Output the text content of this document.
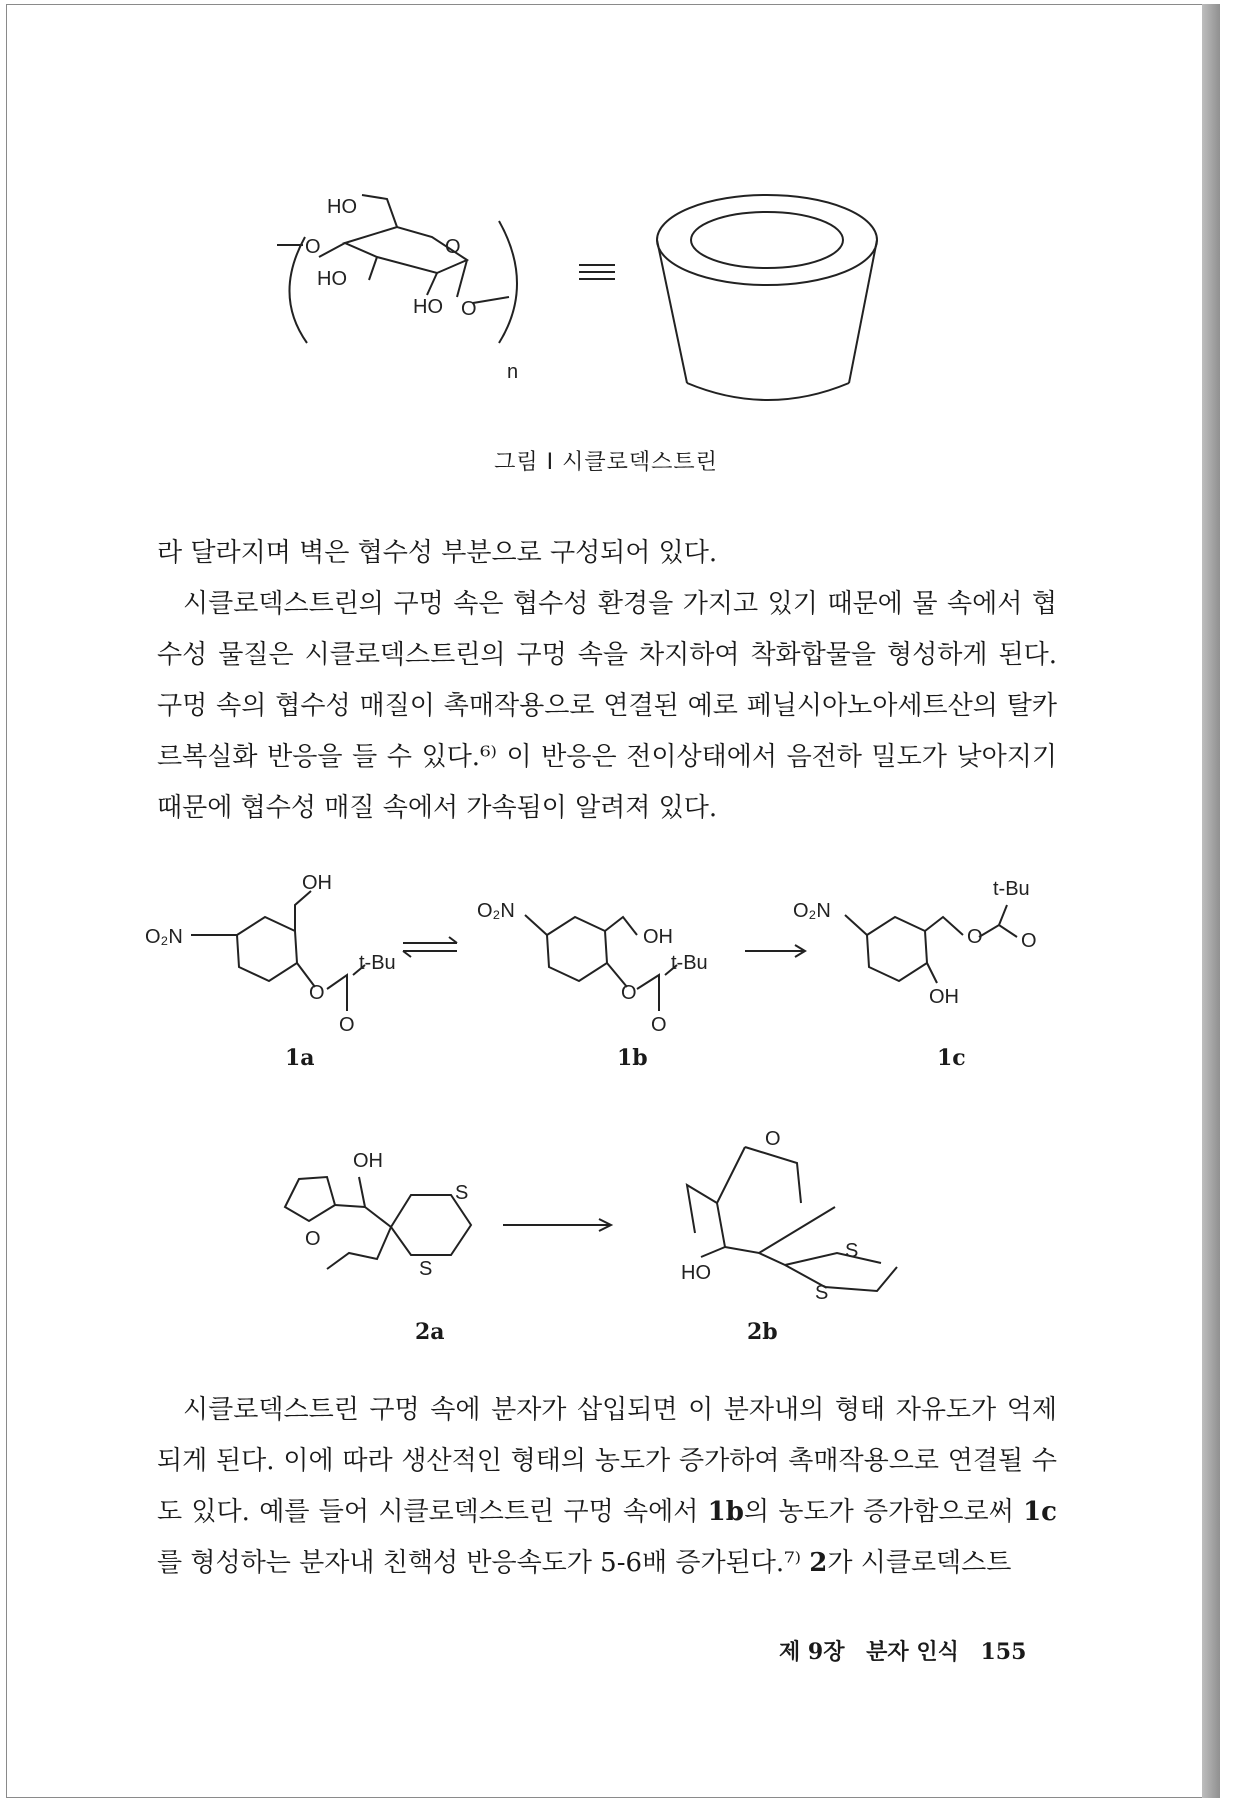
HO
O
O
HO
HO O
n
그림 Ⅰ 시클로덱스트린

라 달라지며 벽은 협수성 부분으로 구성되어 있다.

시클로덱스트린의 구멍 속은 협수성 환경을 가지고 있기 때문에 물 속에서 협수성 물질은 시클로덱스트린의 구멍 속을 차지하여 착화합물을 형성하게 된다. 구멍 속의 협수성 매질이 촉매작용으로 연결된 예로 페닐시아노아세트산의 탈카르복실화 반응을 들 수 있다.⁶⁾ 이 반응은 전이상태에서 음전하 밀도가 낮아지기 때문에 협수성 매질 속에서 가속됨이 알려져 있다.

O₂N
OH
O
O
t-Bu
O₂N
OH
O
O
t-Bu
O₂N
O O
t-Bu
OH
1a	1b	1c
OH
O
S
S
O
HO
S
S
2a	2b

시클로덱스트린 구멍 속에 분자가 삽입되면 이 분자내의 형태 자유도가 억제되게 된다. 이에 따라 생산적인 형태의 농도가 증가하여 촉매작용으로 연결될 수도 있다. 예를 들어 시클로덱스트린 구멍 속에서 1b의 농도가 증가함으로써 1c를 형성하는 분자내 친핵성 반응속도가 5-6배 증가된다.⁷⁾ 2가 시클로덱스트

제 9장 분자 인식 155
